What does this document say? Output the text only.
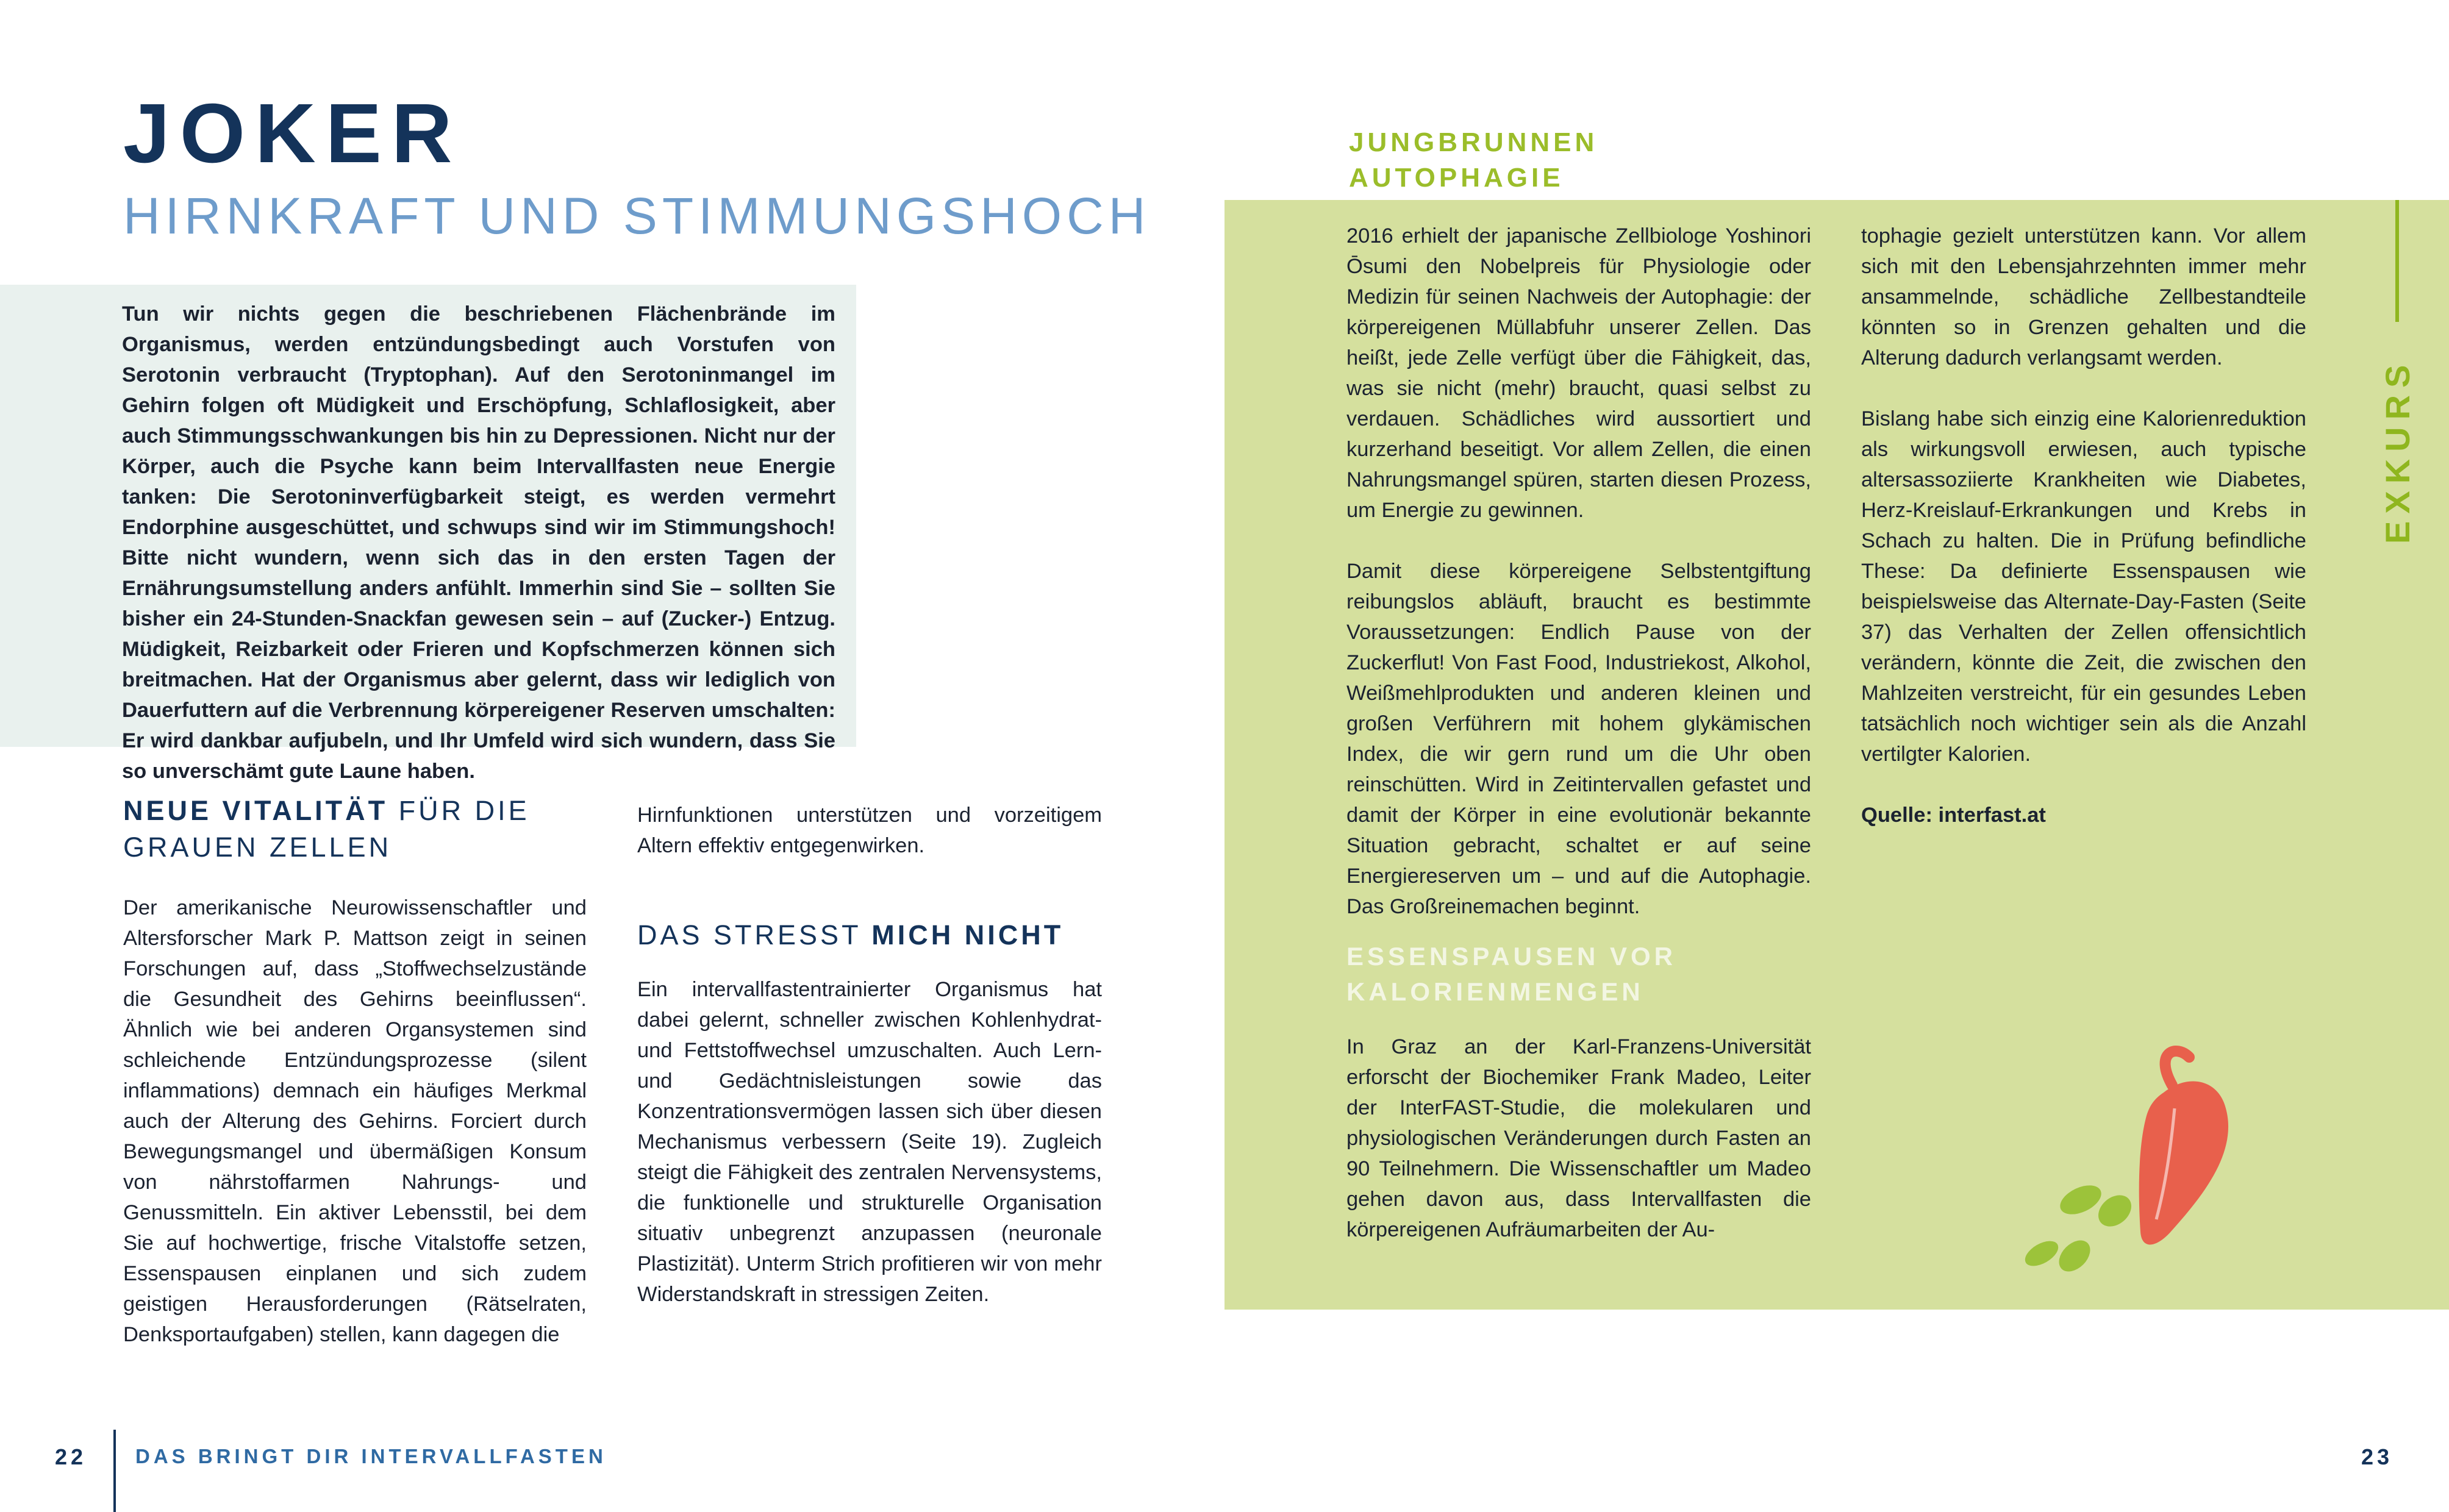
JOKER
HIRNKRAFT UND STIMMUNGSHOCH

Tun wir nichts gegen die beschriebenen Flächenbrände im Organismus, werden entzündungsbedingt auch Vorstufen von Serotonin verbraucht (Tryptophan). Auf den Serotoninmangel im Gehirn folgen oft Müdigkeit und Erschöpfung, Schlaflosigkeit, aber auch Stimmungsschwankungen bis hin zu Depressionen. Nicht nur der Körper, auch die Psyche kann beim Intervallfasten neue Energie tanken: Die Serotoninverfügbarkeit steigt, es werden vermehrt Endorphine ausgeschüttet, und schwups sind wir im Stimmungshoch! Bitte nicht wundern, wenn sich das in den ersten Tagen der Ernährungsumstellung anders anfühlt. Immerhin sind Sie – sollten Sie bisher ein 24-Stunden-Snackfan gewesen sein – auf (Zucker-) Entzug. Müdigkeit, Reizbarkeit oder Frieren und Kopfschmerzen können sich breitmachen. Hat der Organismus aber gelernt, dass wir lediglich von Dauerfuttern auf die Verbrennung körpereigener Reserven umschalten: Er wird dankbar aufjubeln, und Ihr Umfeld wird sich wundern, dass Sie so unverschämt gute Laune haben.

NEUE VITALITÄT FÜR DIE GRAUEN ZELLEN

Der amerikanische Neurowissenschaftler und Altersforscher Mark P. Mattson zeigt in seinen Forschungen auf, dass „Stoffwechselzustände die Gesundheit des Gehirns beeinflussen“. Ähnlich wie bei anderen Organsystemen sind schleichende Entzündungsprozesse (silent inflammations) demnach ein häufiges Merkmal auch der Alterung des Gehirns. Forciert durch Bewegungsmangel und übermäßigen Konsum von nährstoffarmen Nahrungs- und Genussmitteln. Ein aktiver Lebensstil, bei dem Sie auf hochwertige, frische Vitalstoffe setzen, Essenspausen einplanen und sich zudem geistigen Herausforderungen (Rätselraten, Denksportaufgaben) stellen, kann dagegen die

Hirnfunktionen unterstützen und vorzeitigem Altern effektiv entgegenwirken.

DAS STRESST MICH NICHT

Ein intervallfastentrainierter Organismus hat dabei gelernt, schneller zwischen Kohlenhydrat- und Fettstoffwechsel umzuschalten. Auch Lern- und Gedächtnisleistungen sowie das Konzentrationsvermögen lassen sich über diesen Mechanismus verbessern (Seite 19). Zugleich steigt die Fähigkeit des zentralen Nervensystems, die funktionelle und strukturelle Organisation situativ unbegrenzt anzupassen (neuronale Plastizität). Unterm Strich profitieren wir von mehr Widerstandskraft in stressigen Zeiten.

22 DAS BRINGT DIR INTERVALLFASTEN

JUNGBRUNNEN
AUTOPHAGIE
EXKURS

2016 erhielt der japanische Zellbiologe Yoshinori Ōsumi den Nobelpreis für Physiologie oder Medizin für seinen Nachweis der Autophagie: der körpereigenen Müllabfuhr unserer Zellen. Das heißt, jede Zelle verfügt über die Fähigkeit, das, was sie nicht (mehr) braucht, quasi selbst zu verdauen. Schädliches wird aussortiert und kurzerhand beseitigt. Vor allem Zellen, die einen Nahrungsmangel spüren, starten diesen Prozess, um Energie zu gewinnen.

Damit diese körpereigene Selbstentgiftung reibungslos abläuft, braucht es bestimmte Voraussetzungen: Endlich Pause von der Zuckerflut! Von Fast Food, Industriekost, Alkohol, Weißmehlprodukten und anderen kleinen und großen Verführern mit hohem glykämischen Index, die wir gern rund um die Uhr oben reinschütten. Wird in Zeitintervallen gefastet und damit der Körper in eine evolutionär bekannte Situation gebracht, schaltet er auf seine Energiereserven um – und auf die Autophagie. Das Großreinemachen beginnt.

ESSENSPAUSEN VOR
KALORIENMENGEN

In Graz an der Karl-Franzens-Universität erforscht der Biochemiker Frank Madeo, Leiter der InterFAST-Studie, die molekularen und physiologischen Veränderungen durch Fasten an 90 Teilnehmern. Die Wissenschaftler um Madeo gehen davon aus, dass Intervallfasten die körpereigenen Aufräumarbeiten der Au-

tophagie gezielt unterstützen kann. Vor allem sich mit den Lebensjahrzehnten immer mehr ansammelnde, schädliche Zellbestandteile könnten so in Grenzen gehalten und die Alterung dadurch verlangsamt werden.

Bislang habe sich einzig eine Kalorienreduktion als wirkungsvoll erwiesen, auch typische altersassoziierte Krankheiten wie Diabetes, Herz-Kreislauf-Erkrankungen und Krebs in Schach zu halten. Die in Prüfung befindliche These: Da definierte Essenspausen wie beispielsweise das Alternate-Day-Fasten (Seite 37) das Verhalten der Zellen offensichtlich verändern, könnte die Zeit, die zwischen den Mahlzeiten verstreicht, für ein gesundes Leben tatsächlich noch wichtiger sein als die Anzahl vertilgter Kalorien.

Quelle: interfast.at

23
